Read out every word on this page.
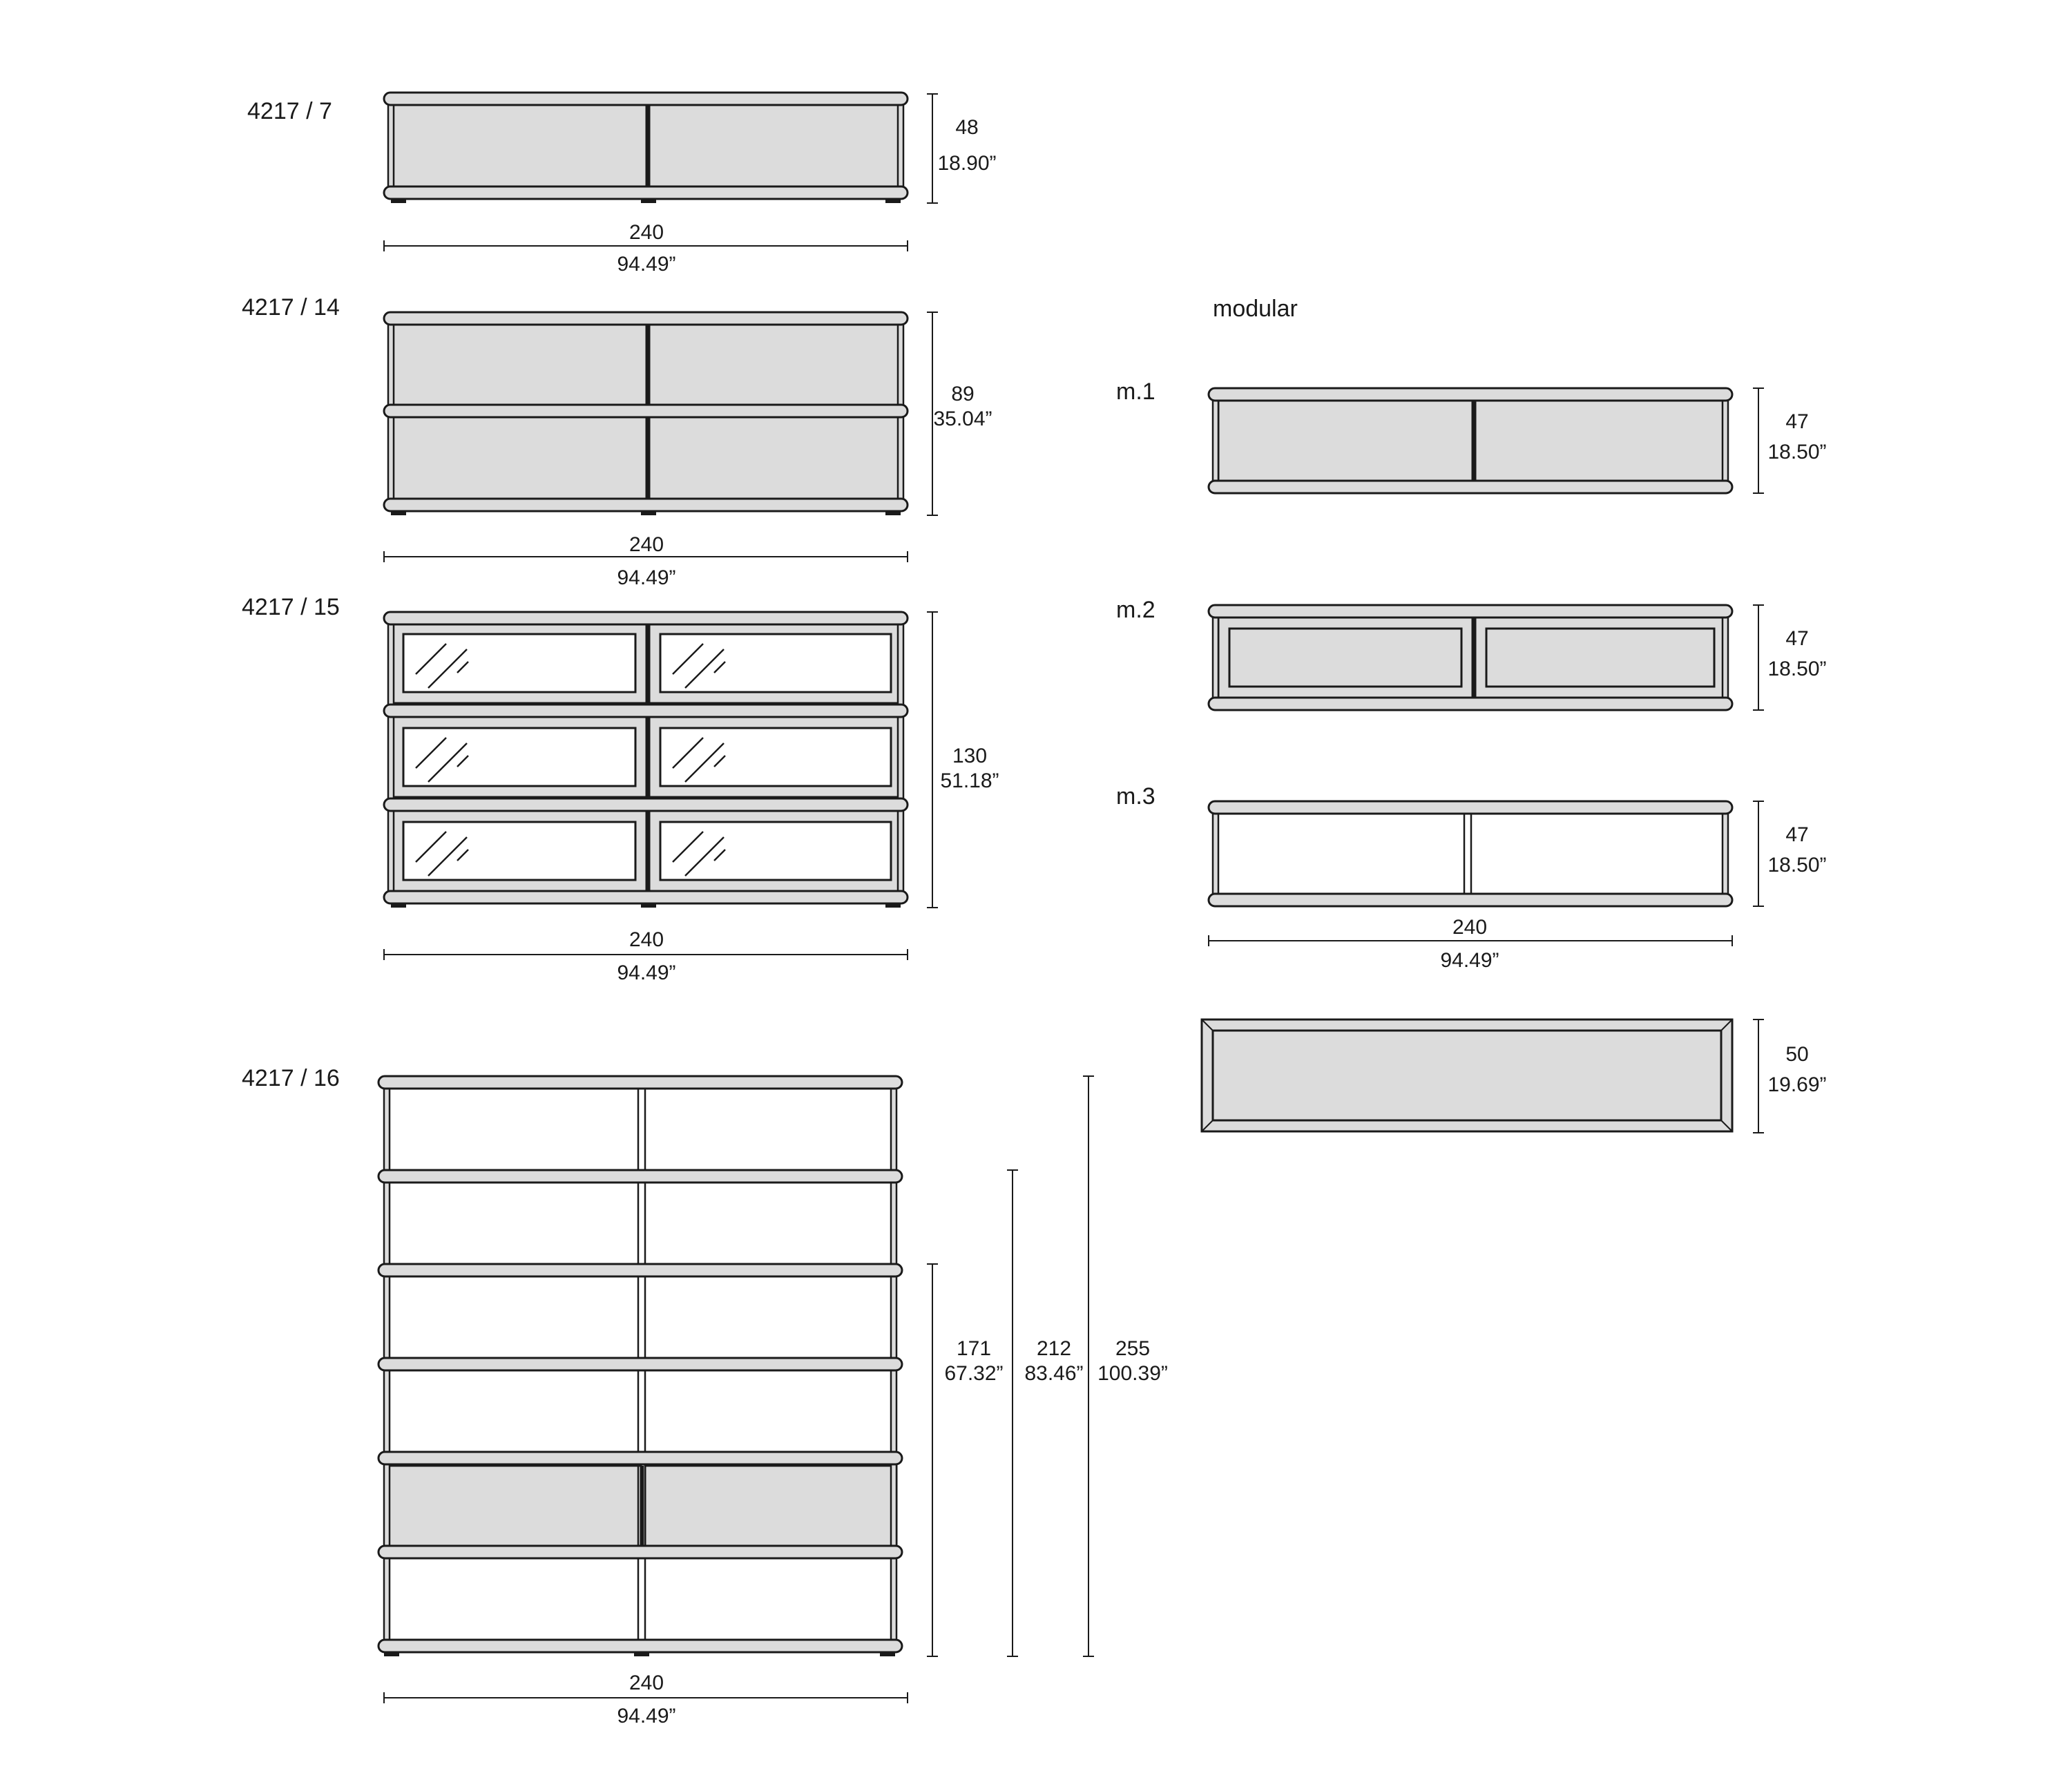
4217 / 7
48
18.90”
240
94.49”
4217 / 14
89
35.04”
240
94.49”
4217 / 15
130
51.18”
240
94.49”
4217 / 16
171
67.32”
212
83.46”
255
100.39”
240
94.49”
modular
m.1
47
18.50”
m.2
47
18.50”
m.3
47
18.50”
240
94.49”
50
19.69”
